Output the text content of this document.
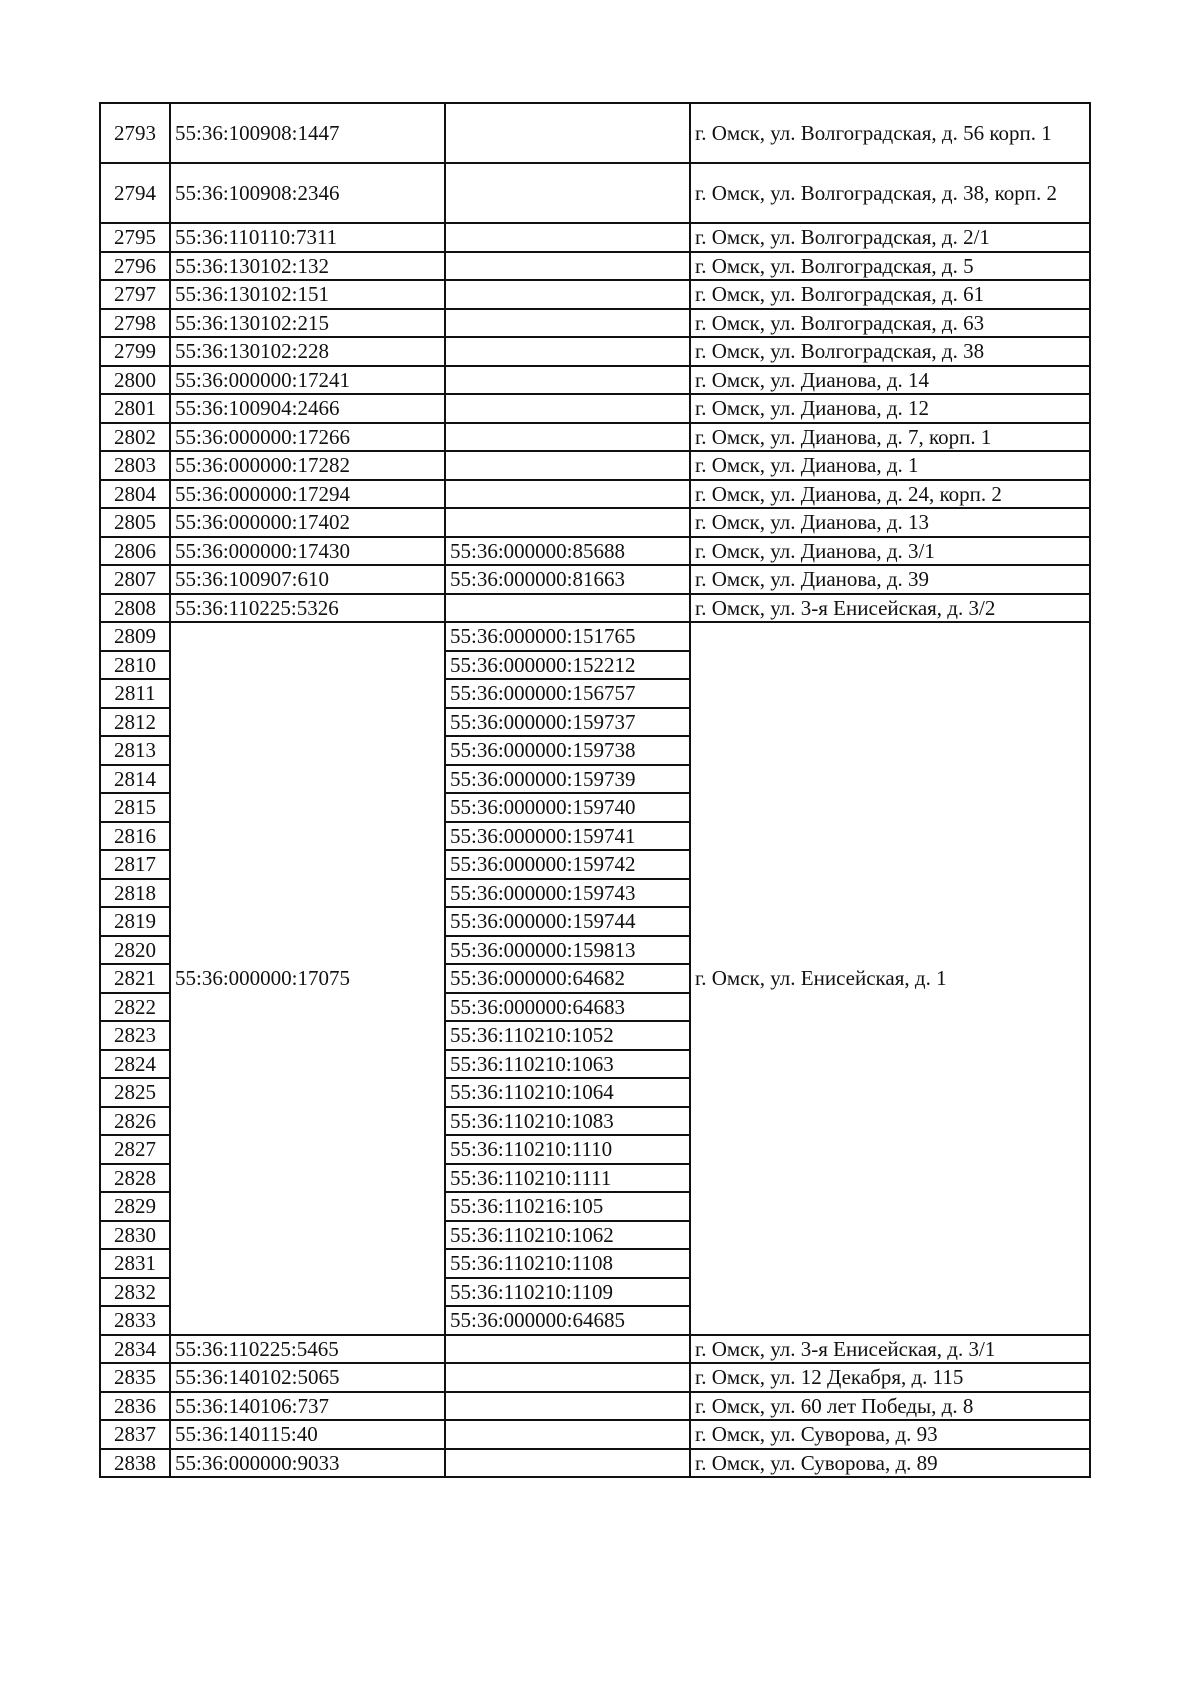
2793	55:36:100908:1447		г. Омск, ул. Волгоградская, д. 56 корп. 1
2794	55:36:100908:2346		г. Омск, ул. Волгоградская, д. 38, корп. 2
2795	55:36:110110:7311		г. Омск, ул. Волгоградская, д. 2/1
2796	55:36:130102:132		г. Омск, ул. Волгоградская, д. 5
2797	55:36:130102:151		г. Омск, ул. Волгоградская, д. 61
2798	55:36:130102:215		г. Омск, ул. Волгоградская, д. 63
2799	55:36:130102:228		г. Омск, ул. Волгоградская, д. 38
2800	55:36:000000:17241		г. Омск, ул. Дианова, д. 14
2801	55:36:100904:2466		г. Омск, ул. Дианова, д. 12
2802	55:36:000000:17266		г. Омск, ул. Дианова, д. 7, корп. 1
2803	55:36:000000:17282		г. Омск, ул. Дианова, д. 1
2804	55:36:000000:17294		г. Омск, ул. Дианова, д. 24, корп. 2
2805	55:36:000000:17402		г. Омск, ул. Дианова, д. 13
2806	55:36:000000:17430	55:36:000000:85688	г. Омск, ул. Дианова, д. 3/1
2807	55:36:100907:610	55:36:000000:81663	г. Омск, ул. Дианова, д. 39
2808	55:36:110225:5326		г. Омск, ул. 3-я Енисейская, д. 3/2
2809	55:36:000000:17075	55:36:000000:151765	г. Омск, ул. Енисейская, д. 1
2810		55:36:000000:152212	
2811		55:36:000000:156757	
2812		55:36:000000:159737	
2813		55:36:000000:159738	
2814		55:36:000000:159739	
2815		55:36:000000:159740	
2816		55:36:000000:159741	
2817		55:36:000000:159742	
2818		55:36:000000:159743	
2819		55:36:000000:159744	
2820		55:36:000000:159813	
2821		55:36:000000:64682	
2822		55:36:000000:64683	
2823		55:36:110210:1052	
2824		55:36:110210:1063	
2825		55:36:110210:1064	
2826		55:36:110210:1083	
2827		55:36:110210:1110	
2828		55:36:110210:1111	
2829		55:36:110216:105	
2830		55:36:110210:1062	
2831		55:36:110210:1108	
2832		55:36:110210:1109	
2833		55:36:000000:64685	
2834	55:36:110225:5465		г. Омск, ул. 3-я Енисейская, д. 3/1
2835	55:36:140102:5065		г. Омск, ул. 12 Декабря, д. 115
2836	55:36:140106:737		г. Омск, ул. 60 лет Победы, д. 8
2837	55:36:140115:40		г. Омск, ул. Суворова, д. 93
2838	55:36:000000:9033		г. Омск, ул. Суворова, д. 89
